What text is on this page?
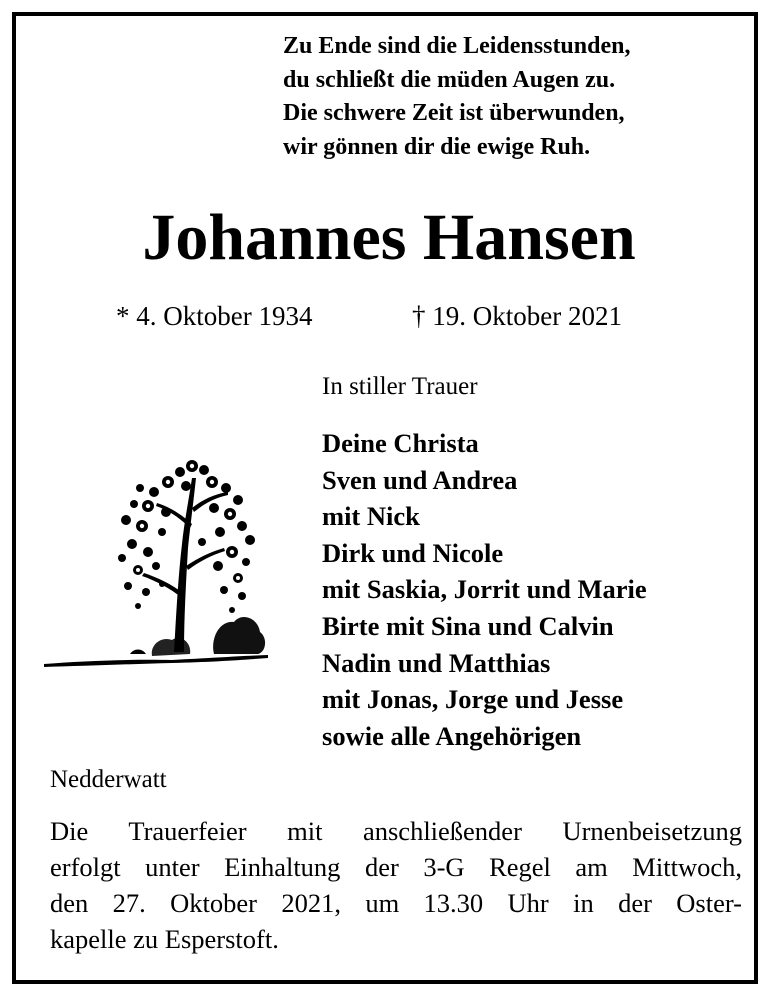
Zu Ende sind die Leidensstunden,
du schließt die müden Augen zu.
Die schwere Zeit ist überwunden,
wir gönnen dir die ewige Ruh.
Johannes Hansen
* 4. Oktober 1934	† 19. Oktober 2021
In stiller Trauer
Deine Christa
Sven und Andrea
mit Nick
Dirk und Nicole
mit Saskia, Jorrit und Marie
Birte mit Sina und Calvin
Nadin und Matthias
mit Jonas, Jorge und Jesse
sowie alle Angehörigen
Nedderwatt
Die Trauerfeier mit anschließender Urnenbeisetzung
erfolgt unter Einhaltung der 3-G Regel am Mittwoch,
den 27. Oktober 2021, um 13.30 Uhr in der Oster-
kapelle zu Esperstoft.
